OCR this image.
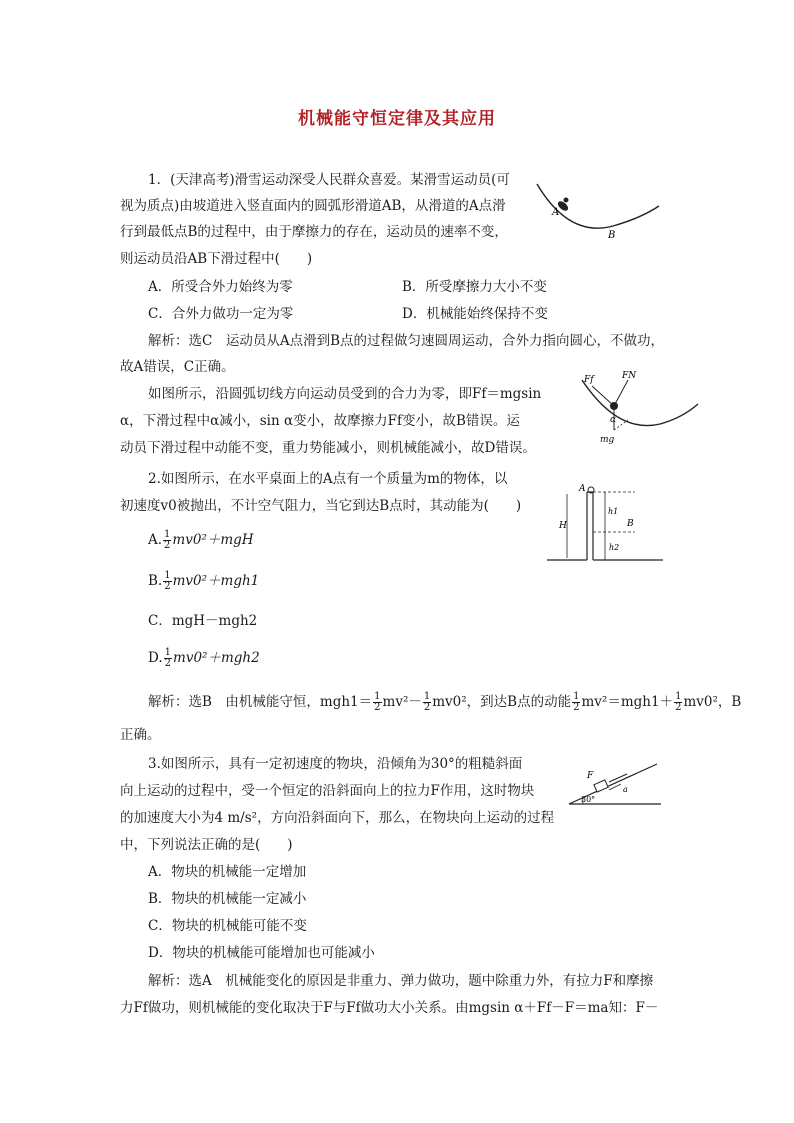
机械能守恒定律及其应用
1．(天津高考)滑雪运动深受人民群众喜爱。某滑雪运动员(可
视为质点)由坡道进入竖直面内的圆弧形滑道AB，从滑道的A点滑
行到最低点B的过程中，由于摩擦力的存在，运动员的速率不变，
则运动员沿AB下滑过程中(　　)
A．所受合外力始终为零	B．所受摩擦力大小不变
C．合外力做功一定为零	D．机械能始终保持不变
解析：选C　运动员从A点滑到B点的过程做匀速圆周运动，合外力指向圆心，不做功，
故A错误，C正确。
如图所示，沿圆弧切线方向运动员受到的合力为零，即Ff＝mgsin
α，下滑过程中α减小，sin α变小，故摩擦力Ff变小，故B错误。运
动员下滑过程中动能不变，重力势能减小，则机械能减小，故D错误。
A
B
Ff	FN
α
mg
2.如图所示，在水平桌面上的A点有一个质量为m的物体，以
初速度v0被抛出，不计空气阻力，当它到达B点时，其动能为(　　)
A. $\frac{1}{2} mv0^2+mgH$
B. $\frac{1}{2} mv0^2+mgh1$
C．mgH－mgh2
D. $\frac{1}{2} mv0^2+mgh2$
解析：选B　由机械能守恒，$mgh1= \frac{1}{2} mv^2- \frac{1}{2} mv0^2$，到达B点的动能 $\frac{1}{2} mv^2=mgh1+ \frac{1}{2} mv0^2$，B
正确。
A
H
h1
B
h2
3.如图所示，具有一定初速度的物块，沿倾角为30°的粗糙斜面
向上运动的过程中，受一个恒定的沿斜面向上的拉力F作用，这时物块
的加速度大小为4 m/s²，方向沿斜面向下，那么，在物块向上运动的过程
中，下列说法正确的是(　　)
A．物块的机械能一定增加
B．物块的机械能一定减小
C．物块的机械能可能不变
D．物块的机械能可能增加也可能减小
解析：选A　机械能变化的原因是非重力、弹力做功，题中除重力外，有拉力F和摩擦
力Ff做功，则机械能的变化取决于F与Ff做功大小关系。由mgsin α＋Ff－F＝ma知：F－
F
a
30°
